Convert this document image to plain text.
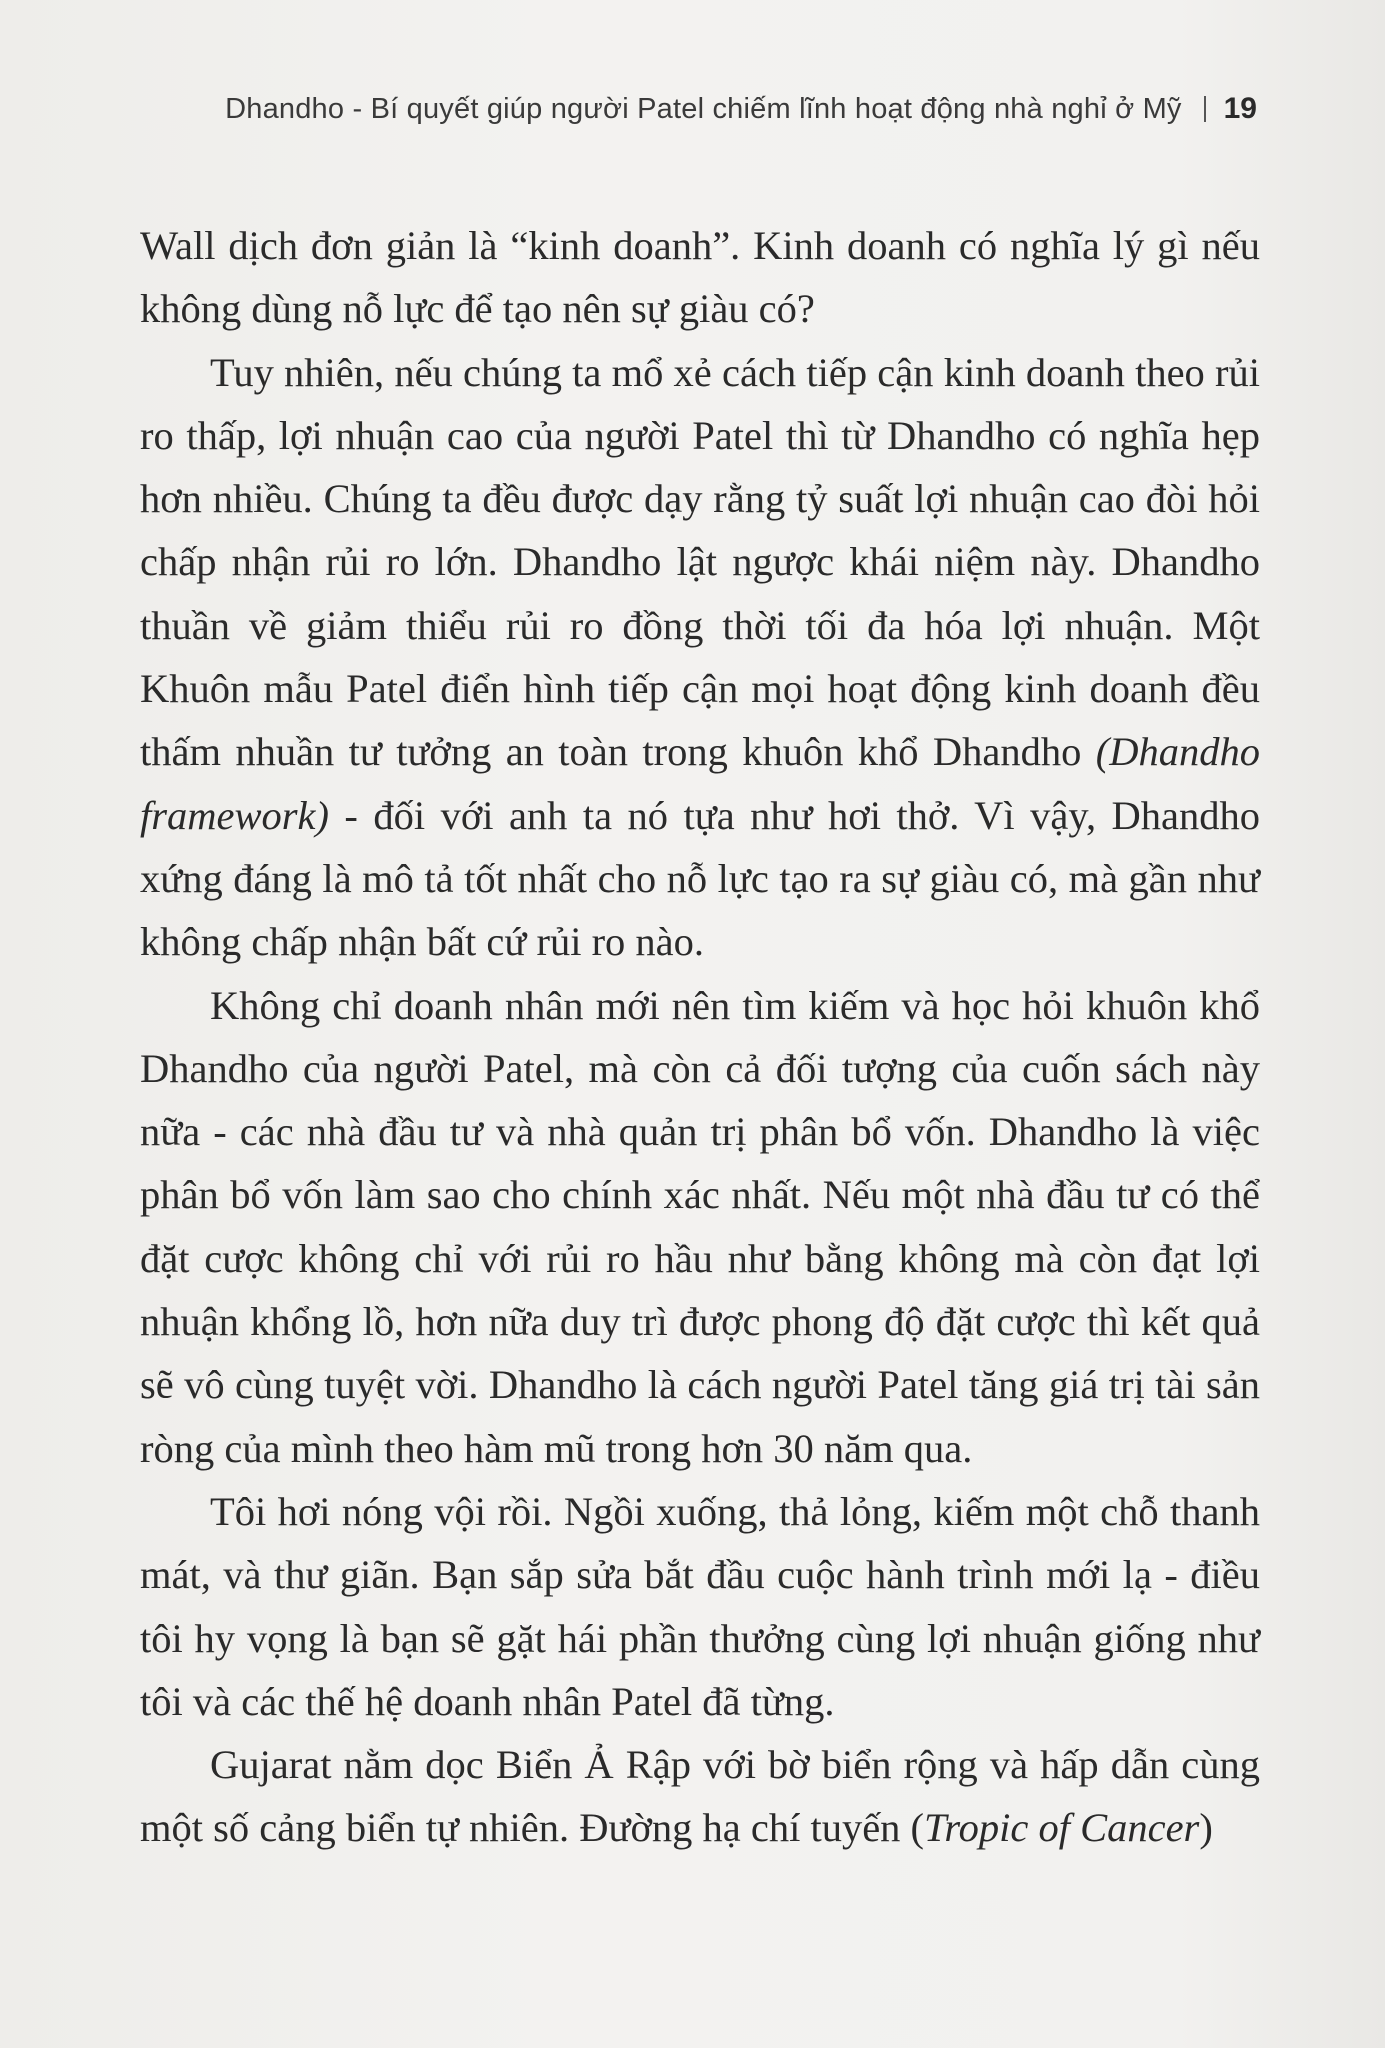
Dhandho - Bí quyết giúp người Patel chiếm lĩnh hoạt động nhà nghỉ ở Mỹ 19

Wall dịch đơn giản là “kinh doanh”. Kinh doanh có nghĩa lý gì nếu không dùng nỗ lực để tạo nên sự giàu có?

Tuy nhiên, nếu chúng ta mổ xẻ cách tiếp cận kinh doanh theo rủi ro thấp, lợi nhuận cao của người Patel thì từ Dhandho có nghĩa hẹp hơn nhiều. Chúng ta đều được dạy rằng tỷ suất lợi nhuận cao đòi hỏi chấp nhận rủi ro lớn. Dhandho lật ngược khái niệm này. Dhandho thuần về giảm thiểu rủi ro đồng thời tối đa hóa lợi nhuận. Một Khuôn mẫu Patel điển hình tiếp cận mọi hoạt động kinh doanh đều thấm nhuần tư tưởng an toàn trong khuôn khổ Dhandho (Dhandho framework) - đối với anh ta nó tựa như hơi thở. Vì vậy, Dhandho xứng đáng là mô tả tốt nhất cho nỗ lực tạo ra sự giàu có, mà gần như không chấp nhận bất cứ rủi ro nào.

Không chỉ doanh nhân mới nên tìm kiếm và học hỏi khuôn khổ Dhandho của người Patel, mà còn cả đối tượng của cuốn sách này nữa - các nhà đầu tư và nhà quản trị phân bổ vốn. Dhandho là việc phân bổ vốn làm sao cho chính xác nhất. Nếu một nhà đầu tư có thể đặt cược không chỉ với rủi ro hầu như bằng không mà còn đạt lợi nhuận khổng lồ, hơn nữa duy trì được phong độ đặt cược thì kết quả sẽ vô cùng tuyệt vời. Dhandho là cách người Patel tăng giá trị tài sản ròng của mình theo hàm mũ trong hơn 30 năm qua.

Tôi hơi nóng vội rồi. Ngồi xuống, thả lỏng, kiếm một chỗ thanh mát, và thư giãn. Bạn sắp sửa bắt đầu cuộc hành trình mới lạ - điều tôi hy vọng là bạn sẽ gặt hái phần thưởng cùng lợi nhuận giống như tôi và các thế hệ doanh nhân Patel đã từng.

Gujarat nằm dọc Biển Ả Rập với bờ biển rộng và hấp dẫn cùng một số cảng biển tự nhiên. Đường hạ chí tuyến (Tropic of Cancer)
